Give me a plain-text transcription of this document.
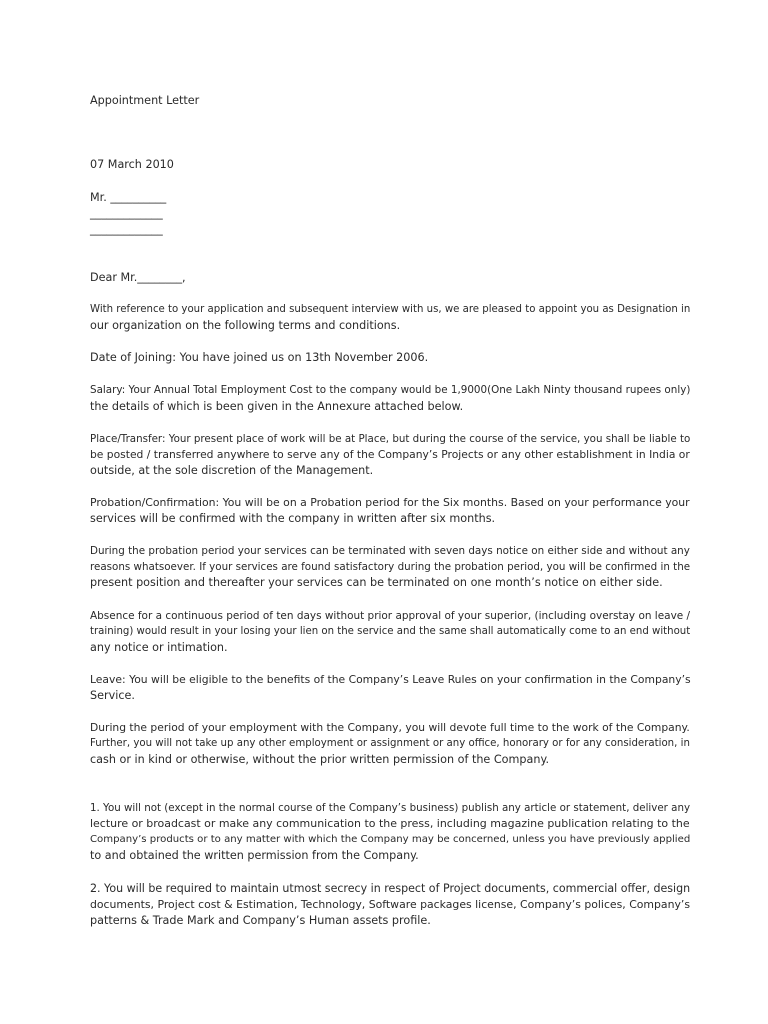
Appointment Letter
07 March 2010
Mr. __________
_____________
_____________
Dear Mr.________,
With reference to your application and subsequent interview with us, we are pleased to appoint you as Designation in
our organization on the following terms and conditions.
Date of Joining: You have joined us on 13th November 2006.
Salary: Your Annual Total Employment Cost to the company would be 1,9000(One Lakh Ninty thousand rupees only)
the details of which is been given in the Annexure attached below.
Place/Transfer: Your present place of work will be at Place, but during the course of the service, you shall be liable to
be posted / transferred anywhere to serve any of the Company’s Projects or any other establishment in India or
outside, at the sole discretion of the Management.
Probation/Confirmation: You will be on a Probation period for the Six months. Based on your performance your
services will be confirmed with the company in written after six months.
During the probation period your services can be terminated with seven days notice on either side and without any
reasons whatsoever. If your services are found satisfactory during the probation period, you will be confirmed in the
present position and thereafter your services can be terminated on one month’s notice on either side.
Absence for a continuous period of ten days without prior approval of your superior, (including overstay on leave /
training) would result in your losing your lien on the service and the same shall automatically come to an end without
any notice or intimation.
Leave: You will be eligible to the benefits of the Company’s Leave Rules on your confirmation in the Company’s
Service.
During the period of your employment with the Company, you will devote full time to the work of the Company.
Further, you will not take up any other employment or assignment or any office, honorary or for any consideration, in
cash or in kind or otherwise, without the prior written permission of the Company.
1. You will not (except in the normal course of the Company’s business) publish any article or statement, deliver any
lecture or broadcast or make any communication to the press, including magazine publication relating to the
Company’s products or to any matter with which the Company may be concerned, unless you have previously applied
to and obtained the written permission from the Company.
2. You will be required to maintain utmost secrecy in respect of Project documents, commercial offer, design
documents, Project cost & Estimation, Technology, Software packages license, Company’s polices, Company’s
patterns & Trade Mark and Company’s Human assets profile.
